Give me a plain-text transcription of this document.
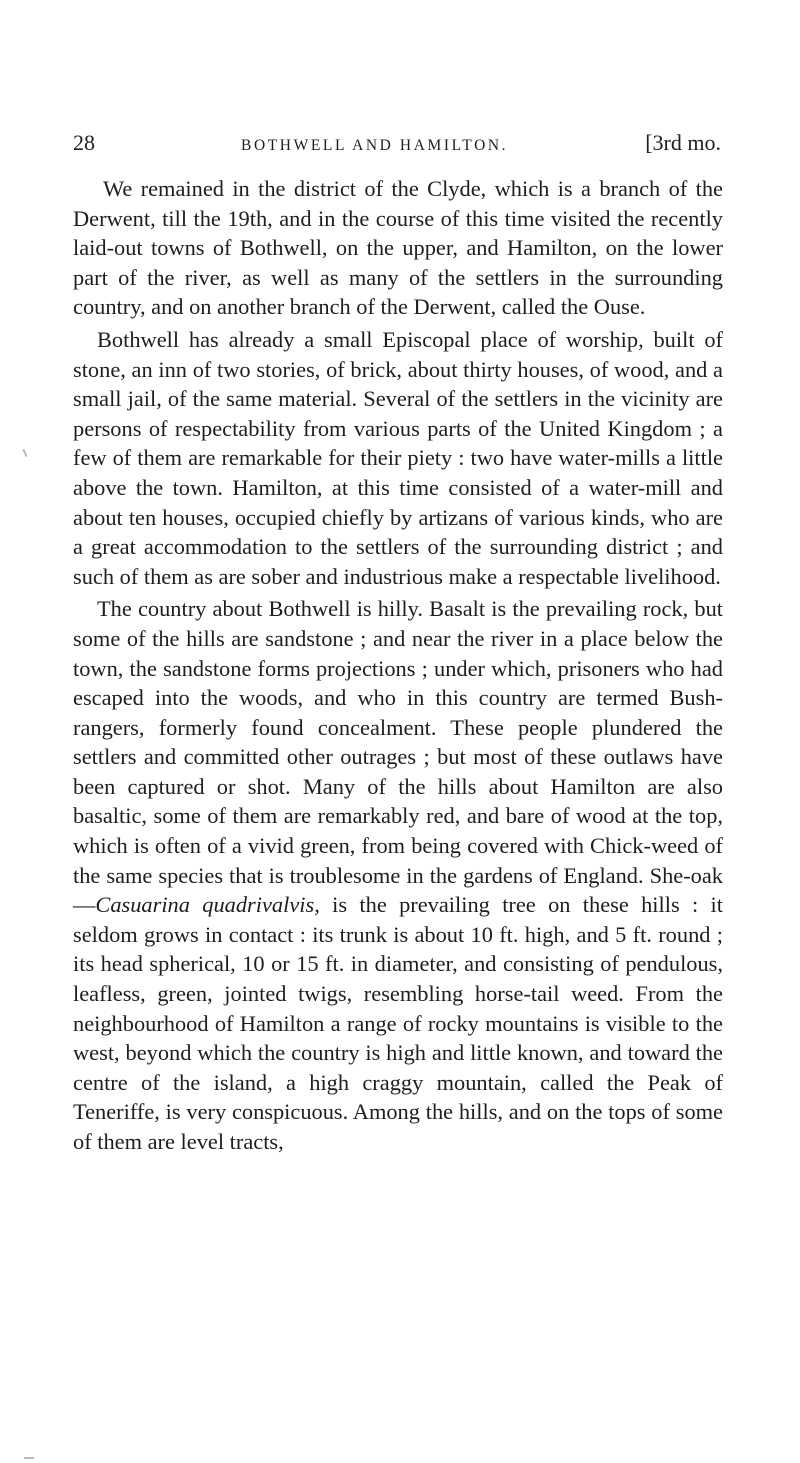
28	BOTHWELL AND HAMILTON.	[3rd mo.

We remained in the district of the Clyde, which is a branch of the Derwent, till the 19th, and in the course of this time visited the recently laid-out towns of Bothwell, on the upper, and Hamilton, on the lower part of the river, as well as many of the settlers in the surrounding country, and on another branch of the Derwent, called the Ouse.

Bothwell has already a small Episcopal place of worship, built of stone, an inn of two stories, of brick, about thirty houses, of wood, and a small jail, of the same material. Several of the settlers in the vicinity are persons of respectability from various parts of the United Kingdom ; a few of them are remarkable for their piety : two have water-mills a little above the town. Hamilton, at this time consisted of a water-mill and about ten houses, occupied chiefly by artizans of various kinds, who are a great accommodation to the settlers of the surrounding district ; and such of them as are sober and industrious make a respectable livelihood.

The country about Bothwell is hilly. Basalt is the prevailing rock, but some of the hills are sandstone ; and near the river in a place below the town, the sandstone forms projections ; under which, prisoners who had escaped into the woods, and who in this country are termed Bush-rangers, formerly found concealment. These people plundered the settlers and committed other outrages ; but most of these outlaws have been captured or shot. Many of the hills about Hamilton are also basaltic, some of them are remarkably red, and bare of wood at the top, which is often of a vivid green, from being covered with Chick-weed of the same species that is troublesome in the gardens of England. She-oak—Casuarina quadrivalvis, is the prevailing tree on these hills : it seldom grows in contact : its trunk is about 10 ft. high, and 5 ft. round ; its head spherical, 10 or 15 ft. in diameter, and consisting of pendulous, leafless, green, jointed twigs, resembling horse-tail weed. From the neighbourhood of Hamilton a range of rocky mountains is visible to the west, beyond which the country is high and little known, and toward the centre of the island, a high craggy mountain, called the Peak of Teneriffe, is very conspicuous. Among the hills, and on the tops of some of them are level tracts,
